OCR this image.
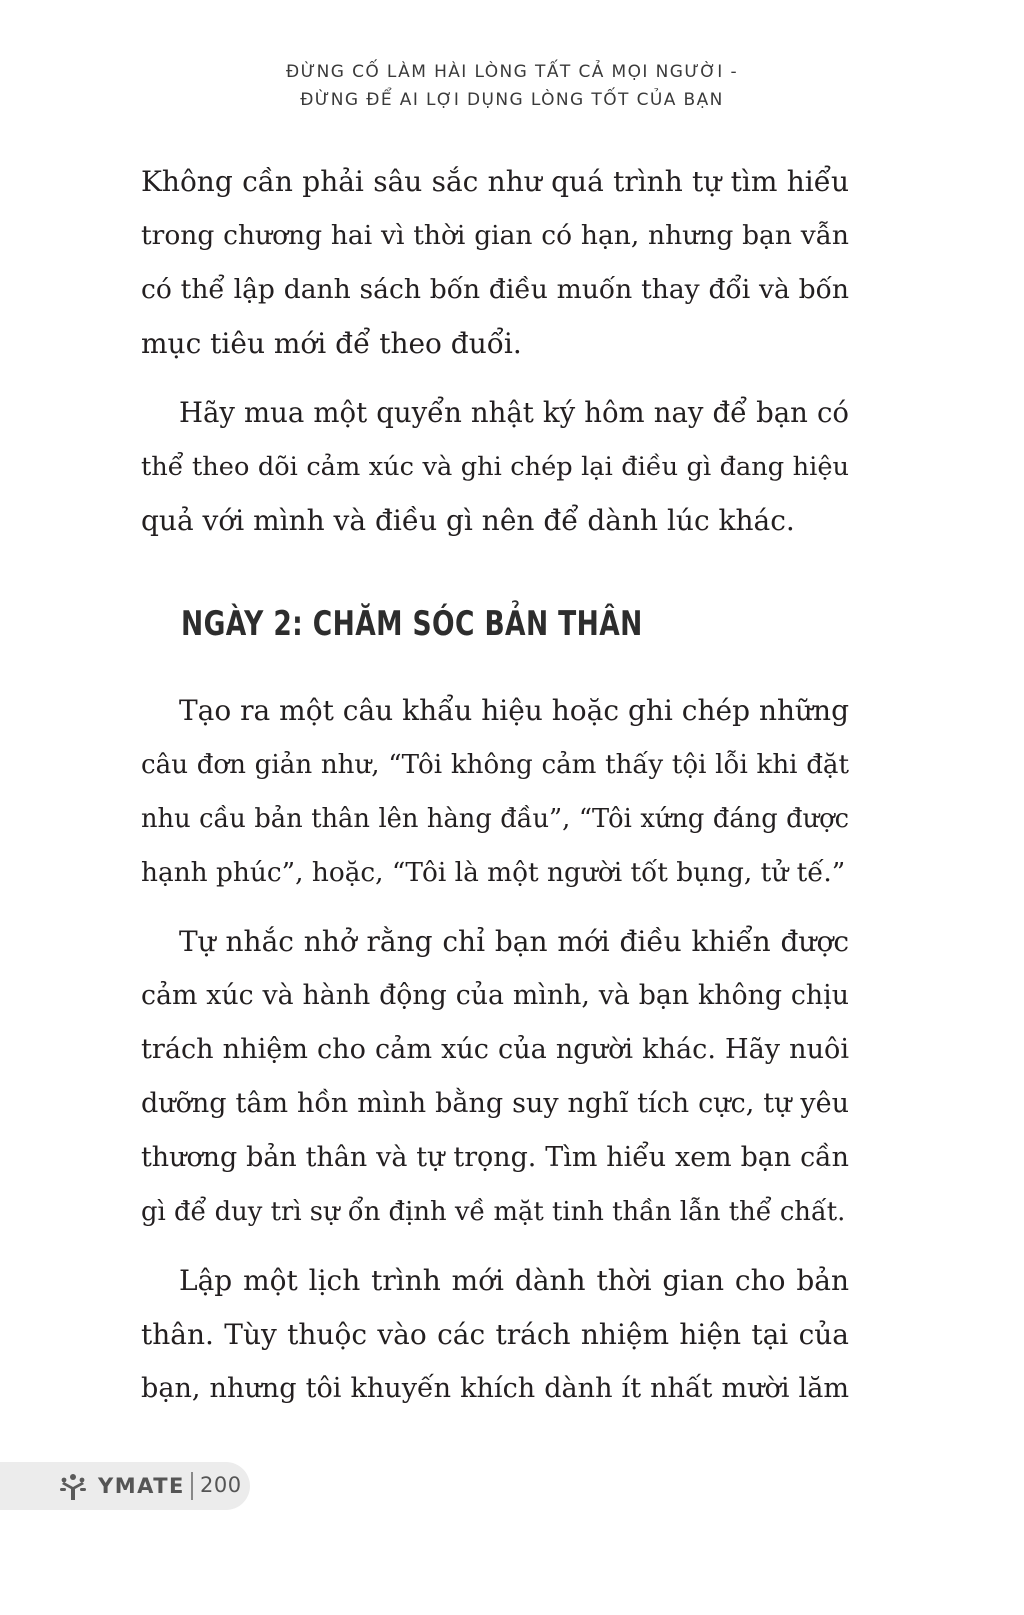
ĐỪNG CỐ LÀM HÀI LÒNG TẤT CẢ MỌI NGƯỜI -
ĐỪNG ĐỂ AI LỢI DỤNG LÒNG TỐT CỦA BẠN

Không cần phải sâu sắc như quá trình tự tìm hiểu
trong chương hai vì thời gian có hạn, nhưng bạn vẫn
có thể lập danh sách bốn điều muốn thay đổi và bốn
mục tiêu mới để theo đuổi.

Hãy mua một quyển nhật ký hôm nay để bạn có
thể theo dõi cảm xúc và ghi chép lại điều gì đang hiệu
quả với mình và điều gì nên để dành lúc khác.

NGÀY 2: CHĂM SÓC BẢN THÂN

Tạo ra một câu khẩu hiệu hoặc ghi chép những
câu đơn giản như, “Tôi không cảm thấy tội lỗi khi đặt
nhu cầu bản thân lên hàng đầu”, “Tôi xứng đáng được
hạnh phúc”, hoặc, “Tôi là một người tốt bụng, tử tế.”

Tự nhắc nhở rằng chỉ bạn mới điều khiển được
cảm xúc và hành động của mình, và bạn không chịu
trách nhiệm cho cảm xúc của người khác. Hãy nuôi
dưỡng tâm hồn mình bằng suy nghĩ tích cực, tự yêu
thương bản thân và tự trọng. Tìm hiểu xem bạn cần
gì để duy trì sự ổn định về mặt tinh thần lẫn thể chất.

Lập một lịch trình mới dành thời gian cho bản
thân. Tùy thuộc vào các trách nhiệm hiện tại của
bạn, nhưng tôi khuyến khích dành ít nhất mười lăm

YMATE 200
